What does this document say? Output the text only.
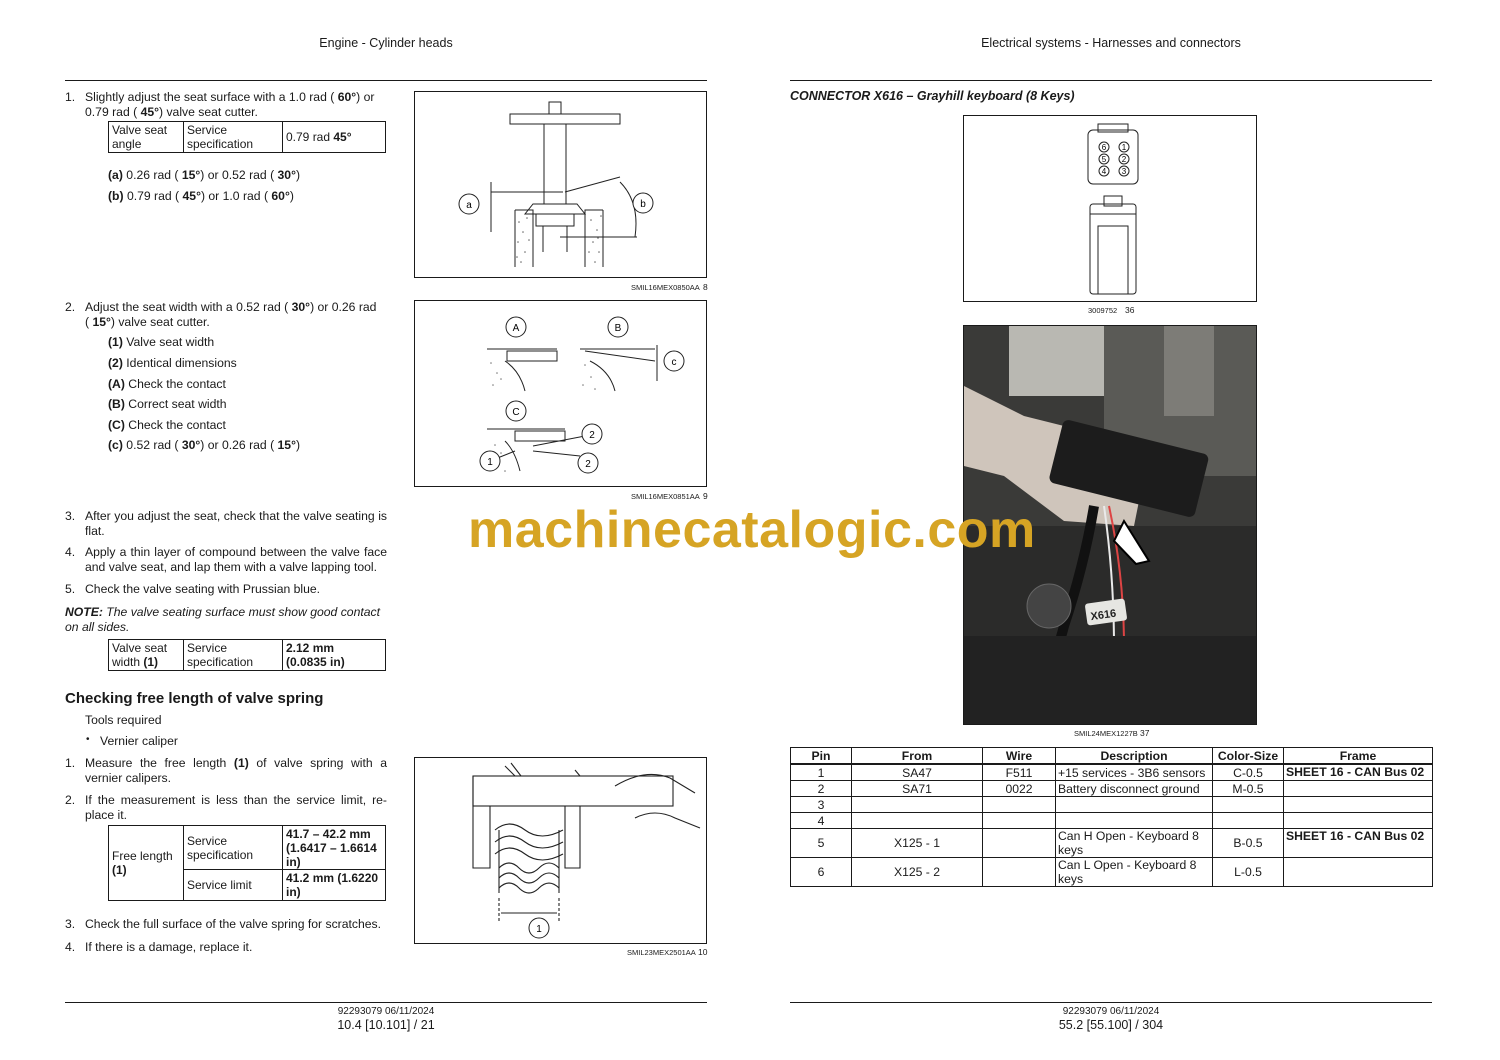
Engine - Cylinder heads
1. Slightly adjust the seat surface with a 1.0 rad ( 60°) or
0.79 rad ( 45°) valve seat cutter.
Valve seat angle	Service specification	0.79 rad 45°
(a) 0.26 rad ( 15°) or 0.52 rad ( 30°)
(b) 0.79 rad ( 45°) or 1.0 rad ( 60°)
a	b
SMIL16MEX0850AA 8
2. Adjust the seat width with a 0.52 rad ( 30°) or 0.26 rad
( 15°) valve seat cutter.
(1) Valve seat width
(2) Identical dimensions
(A) Check the contact
(B) Correct seat width
(C) Check the contact
(c) 0.52 rad ( 30°) or 0.26 rad ( 15°)
A	B
c
C
2
2
1
SMIL16MEX0851AA 9
3. After you adjust the seat, check that the valve seating is flat.
4. Apply a thin layer of compound between the valve face and valve seat, and lap them with a valve lapping tool.
5. Check the valve seating with Prussian blue.
NOTE: The valve seating surface must show good contact on all sides.
Valve seat width (1)	Service specification	2.12 mm
(0.0835 in)
Checking free length of valve spring
Tools required
• Vernier caliper
1. Measure the free length (1) of valve spring with a vernier calipers.
2. If the measurement is less than the service limit, re-place it.
Free length
(1)	Service specification	41.7 – 42.2 mm (1.6417 – 1.6614 in)
	Service limit	41.2 mm (1.6220 in)
1
SMIL23MEX2501AA 10
3. Check the full surface of the valve spring for scratches.
4. If there is a damage, replace it.
92293079 06/11/2024
10.4 [10.101] / 21
Electrical systems - Harnesses and connectors
CONNECTOR X616 – Grayhill keyboard (8 Keys)
6 1
5 2
4 3
3009752 36
X616
SMIL24MEX1227B 37
Pin	From	Wire	Description	Color-Size	Frame
1	SA47	F511	+15 services - 3B6 sensors	C-0.5	SHEET 16 - CAN Bus 02
2	SA71	0022	Battery disconnect ground	M-0.5	
3					
4					
5	X125 - 1		Can H Open - Keyboard 8 keys	B-0.5	SHEET 16 - CAN Bus 02
6	X125 - 2		Can L Open - Keyboard 8 keys	L-0.5	
92293079 06/11/2024
55.2 [55.100] / 304
machinecatalogic.com
